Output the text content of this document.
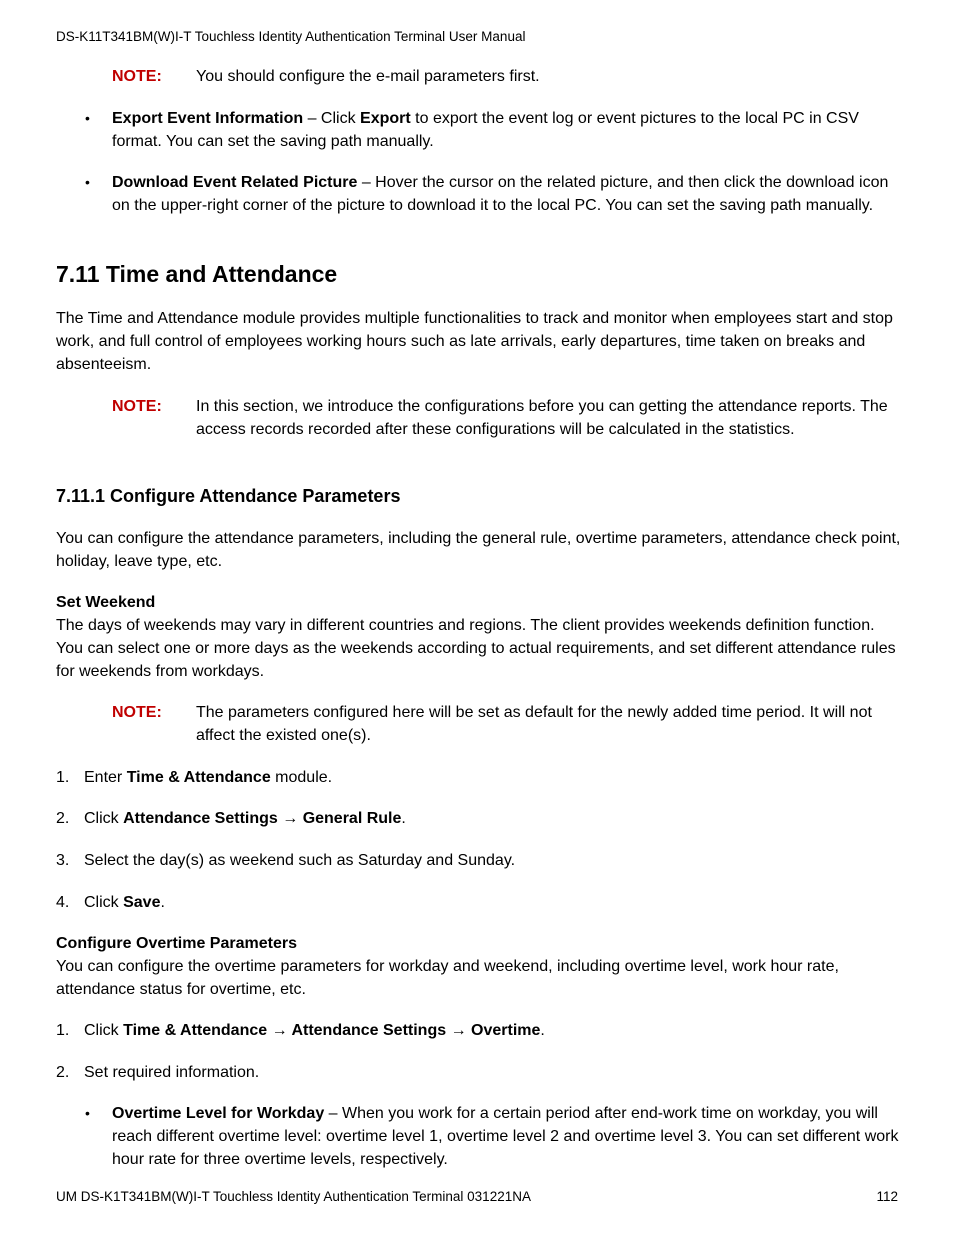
DS-K11T341BM(W)I-T Touchless Identity Authentication Terminal User Manual
NOTE: You should configure the e-mail parameters first.
• Export Event Information – Click Export to export the event log or event pictures to the local PC in CSV format. You can set the saving path manually.
• Download Event Related Picture – Hover the cursor on the related picture, and then click the download icon on the upper-right corner of the picture to download it to the local PC. You can set the saving path manually.
7.11 Time and Attendance
The Time and Attendance module provides multiple functionalities to track and monitor when employees start and stop work, and full control of employees working hours such as late arrivals, early departures, time taken on breaks and absenteeism.
NOTE: In this section, we introduce the configurations before you can getting the attendance reports. The access records recorded after these configurations will be calculated in the statistics.
7.11.1 Configure Attendance Parameters
You can configure the attendance parameters, including the general rule, overtime parameters, attendance check point, holiday, leave type, etc.
Set Weekend
The days of weekends may vary in different countries and regions. The client provides weekends definition function. You can select one or more days as the weekends according to actual requirements, and set different attendance rules for weekends from workdays.
NOTE: The parameters configured here will be set as default for the newly added time period. It will not affect the existed one(s).
1. Enter Time & Attendance module.
2. Click Attendance Settings → General Rule.
3. Select the day(s) as weekend such as Saturday and Sunday.
4. Click Save.
Configure Overtime Parameters
You can configure the overtime parameters for workday and weekend, including overtime level, work hour rate, attendance status for overtime, etc.
1. Click Time & Attendance → Attendance Settings → Overtime.
2. Set required information.
• Overtime Level for Workday – When you work for a certain period after end-work time on workday, you will reach different overtime level: overtime level 1, overtime level 2 and overtime level 3. You can set different work hour rate for three overtime levels, respectively.
UM DS-K1T341BM(W)I-T Touchless Identity Authentication Terminal 031221NA	112
